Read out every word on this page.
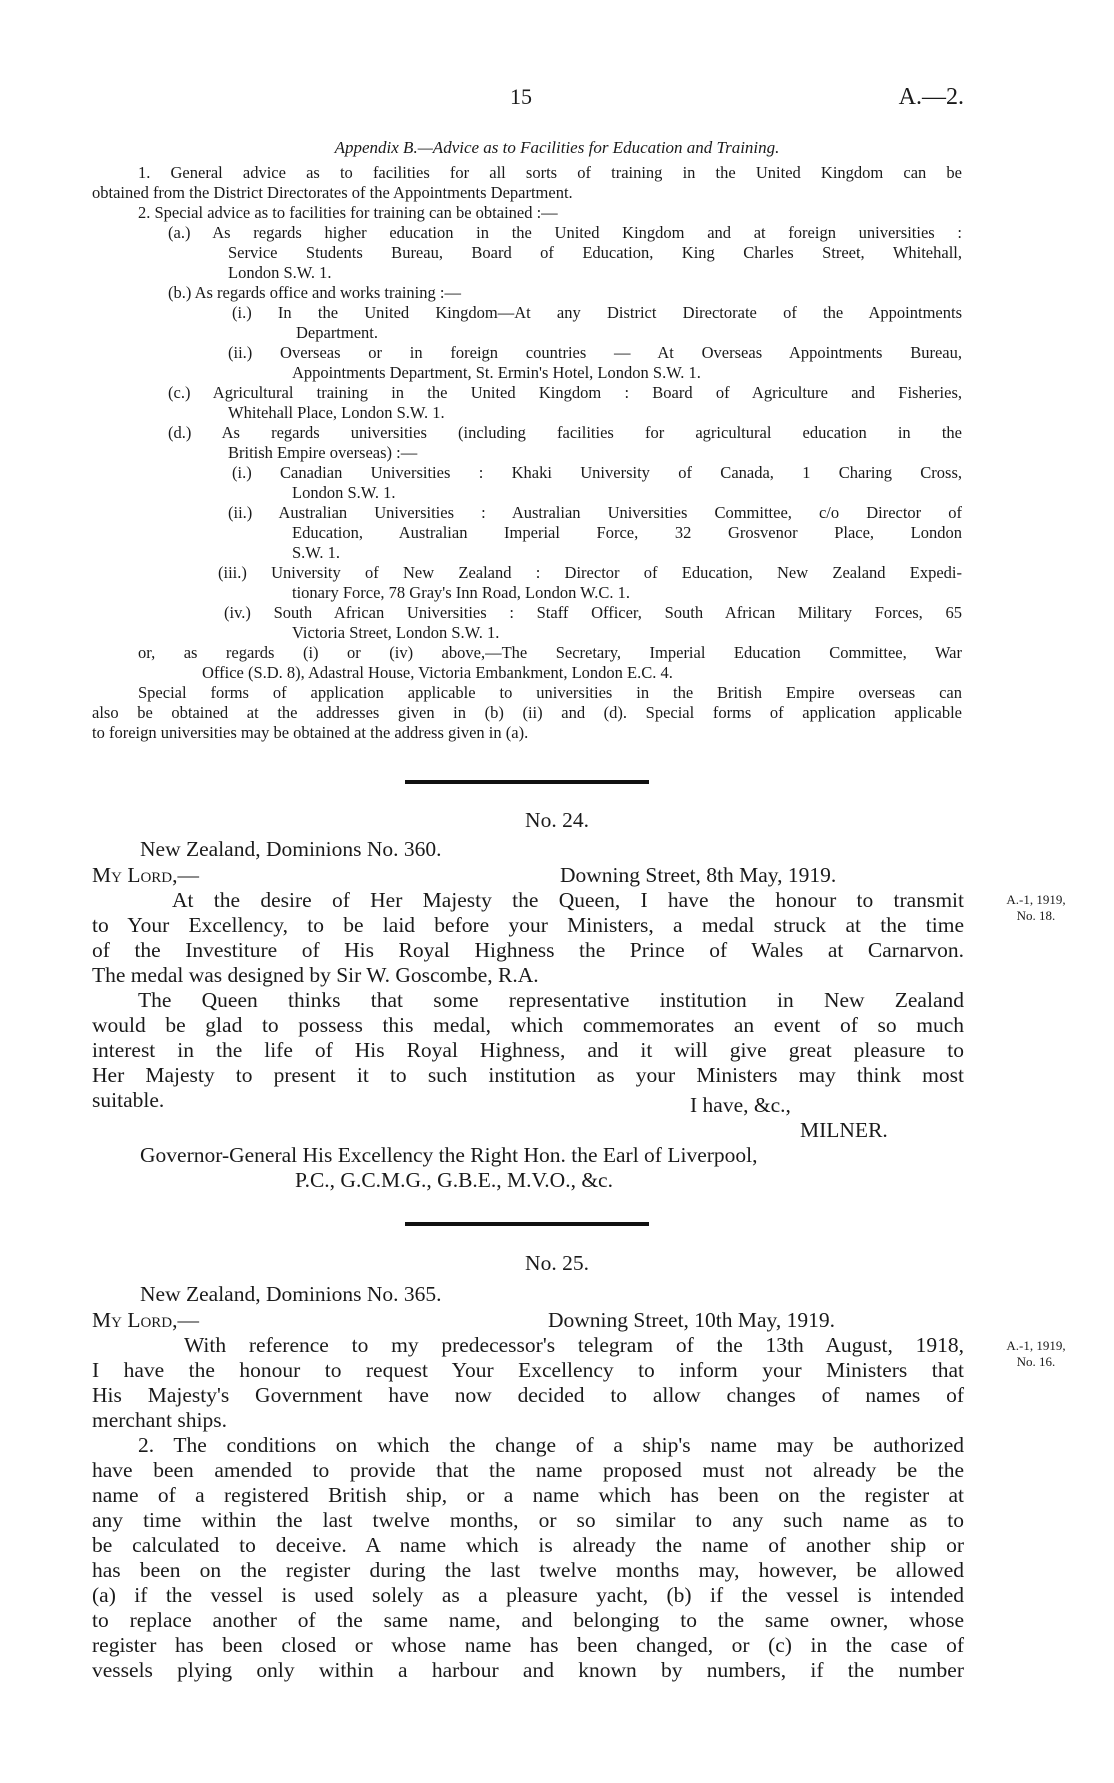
15	A.—2.
Appendix B.—Advice as to Facilities for Education and Training.
1. General advice as to facilities for all sorts of training in the United Kingdom can be
obtained from the District Directorates of the Appointments Department.
2. Special advice as to facilities for training can be obtained :—
(a.) As regards higher education in the United Kingdom and at foreign universities :
Service Students Bureau, Board of Education, King Charles Street, Whitehall,
London S.W. 1.
(b.) As regards office and works training :—
(i.) In the United Kingdom—At any District Directorate of the Appointments
Department.
(ii.) Overseas or in foreign countries — At Overseas Appointments Bureau,
Appointments Department, St. Ermin's Hotel, London S.W. 1.
(c.) Agricultural training in the United Kingdom : Board of Agriculture and Fisheries,
Whitehall Place, London S.W. 1.
(d.) As regards universities (including facilities for agricultural education in the
British Empire overseas) :—
(i.) Canadian Universities : Khaki University of Canada, 1 Charing Cross,
London S.W. 1.
(ii.) Australian Universities : Australian Universities Committee, c/o Director of
Education, Australian Imperial Force, 32 Grosvenor Place, London
S.W. 1.
(iii.) University of New Zealand : Director of Education, New Zealand Expedi-
tionary Force, 78 Gray's Inn Road, London W.C. 1.
(iv.) South African Universities : Staff Officer, South African Military Forces, 65
Victoria Street, London S.W. 1.
or, as regards (i) or (iv) above,—The Secretary, Imperial Education Committee, War
Office (S.D. 8), Adastral House, Victoria Embankment, London E.C. 4.
Special forms of application applicable to universities in the British Empire overseas can
also be obtained at the addresses given in (b) (ii) and (d). Special forms of application applicable
to foreign universities may be obtained at the address given in (a).
No. 24.
New Zealand, Dominions No. 360.
My Lord,—	Downing Street, 8th May, 1919.
A.-1, 1919,
No. 18.
At the desire of Her Majesty the Queen, I have the honour to transmit
to Your Excellency, to be laid before your Ministers, a medal struck at the time
of the Investiture of His Royal Highness the Prince of Wales at Carnarvon.
The medal was designed by Sir W. Goscombe, R.A.
The Queen thinks that some representative institution in New Zealand
would be glad to possess this medal, which commemorates an event of so much
interest in the life of His Royal Highness, and it will give great pleasure to
Her Majesty to present it to such institution as your Ministers may think most
suitable.	I have, &c.,
MILNER.
Governor-General His Excellency the Right Hon. the Earl of Liverpool,
P.C., G.C.M.G., G.B.E., M.V.O., &c.
No. 25.
New Zealand, Dominions No. 365.
My Lord,—	Downing Street, 10th May, 1919.
A.-1, 1919,
No. 16.
With reference to my predecessor's telegram of the 13th August, 1918,
I have the honour to request Your Excellency to inform your Ministers that
His Majesty's Government have now decided to allow changes of names of
merchant ships.
2. The conditions on which the change of a ship's name may be authorized
have been amended to provide that the name proposed must not already be the
name of a registered British ship, or a name which has been on the register at
any time within the last twelve months, or so similar to any such name as to
be calculated to deceive. A name which is already the name of another ship or
has been on the register during the last twelve months may, however, be allowed
(a) if the vessel is used solely as a pleasure yacht, (b) if the vessel is intended
to replace another of the same name, and belonging to the same owner, whose
register has been closed or whose name has been changed, or (c) in the case of
vessels plying only within a harbour and known by numbers, if the number
